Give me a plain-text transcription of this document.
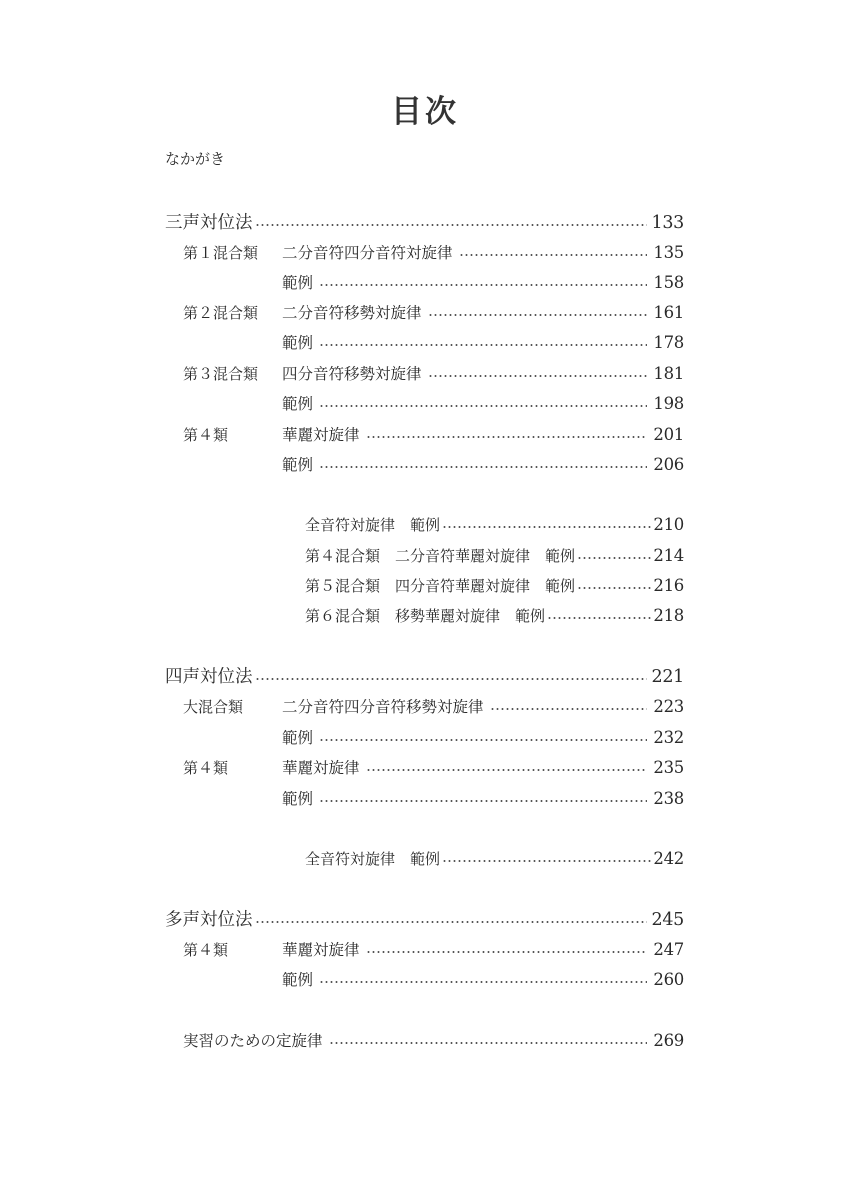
目次
なかがき
三声対位法	133
第１混合類 二分音符四分音符対旋律	135
範例	158
第２混合類 二分音符移勢対旋律	161
範例	178
第３混合類 四分音符移勢対旋律	181
範例	198
第４類	華麗対旋律	201
範例	206
全音符対旋律　範例	210
第４混合類　二分音符華麗対旋律　範例	214
第５混合類　四分音符華麗対旋律　範例	216
第６混合類　移勢華麗対旋律　範例	218
四声対位法	221
大混合類	二分音符四分音符移勢対旋律	223
範例	232
第４類	華麗対旋律	235
範例	238
全音符対旋律　範例	242
多声対位法	245
第４類	華麗対旋律	247
範例	260
実習のための定旋律	269
